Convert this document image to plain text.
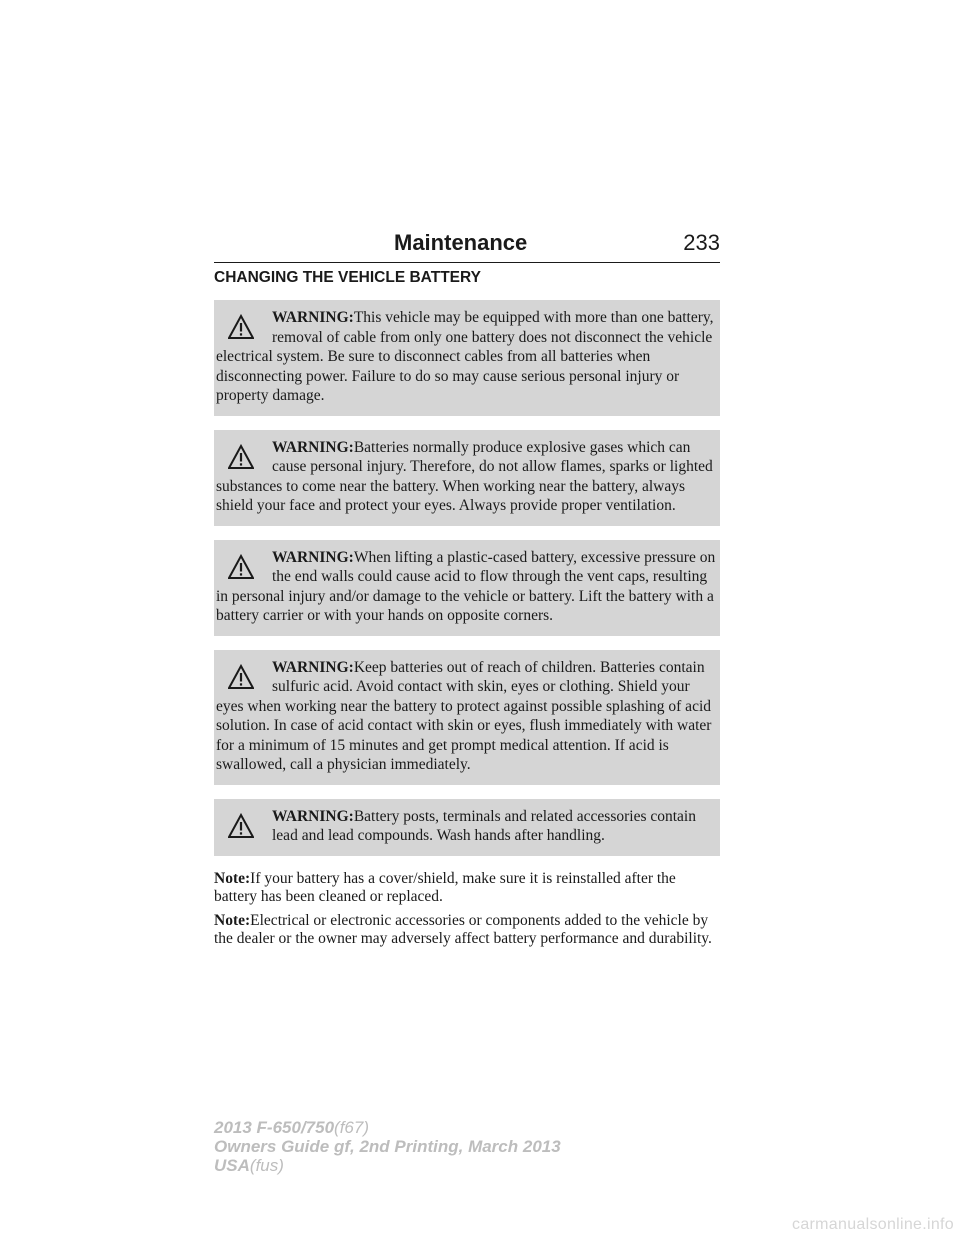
Maintenance	233
CHANGING THE VEHICLE BATTERY
WARNING:This vehicle may be equipped with more than one battery, removal of cable from only one battery does not disconnect the vehicle electrical system. Be sure to disconnect cables from all batteries when disconnecting power. Failure to do so may cause serious personal injury or property damage.
WARNING:Batteries normally produce explosive gases which can cause personal injury. Therefore, do not allow flames, sparks or lighted substances to come near the battery. When working near the battery, always shield your face and protect your eyes. Always provide proper ventilation.
WARNING:When lifting a plastic-cased battery, excessive pressure on the end walls could cause acid to flow through the vent caps, resulting in personal injury and/or damage to the vehicle or battery. Lift the battery with a battery carrier or with your hands on opposite corners.
WARNING:Keep batteries out of reach of children. Batteries contain sulfuric acid. Avoid contact with skin, eyes or clothing. Shield your eyes when working near the battery to protect against possible splashing of acid solution. In case of acid contact with skin or eyes, flush immediately with water for a minimum of 15 minutes and get prompt medical attention. If acid is swallowed, call a physician immediately.
WARNING:Battery posts, terminals and related accessories contain lead and lead compounds. Wash hands after handling.

Note:If your battery has a cover/shield, make sure it is reinstalled after the battery has been cleaned or replaced.

Note:Electrical or electronic accessories or components added to the vehicle by the dealer or the owner may adversely affect battery performance and durability.

2013 F-650/750(f67)
Owners Guide gf, 2nd Printing, March 2013
USA(fus)
carmanualsonline.info
